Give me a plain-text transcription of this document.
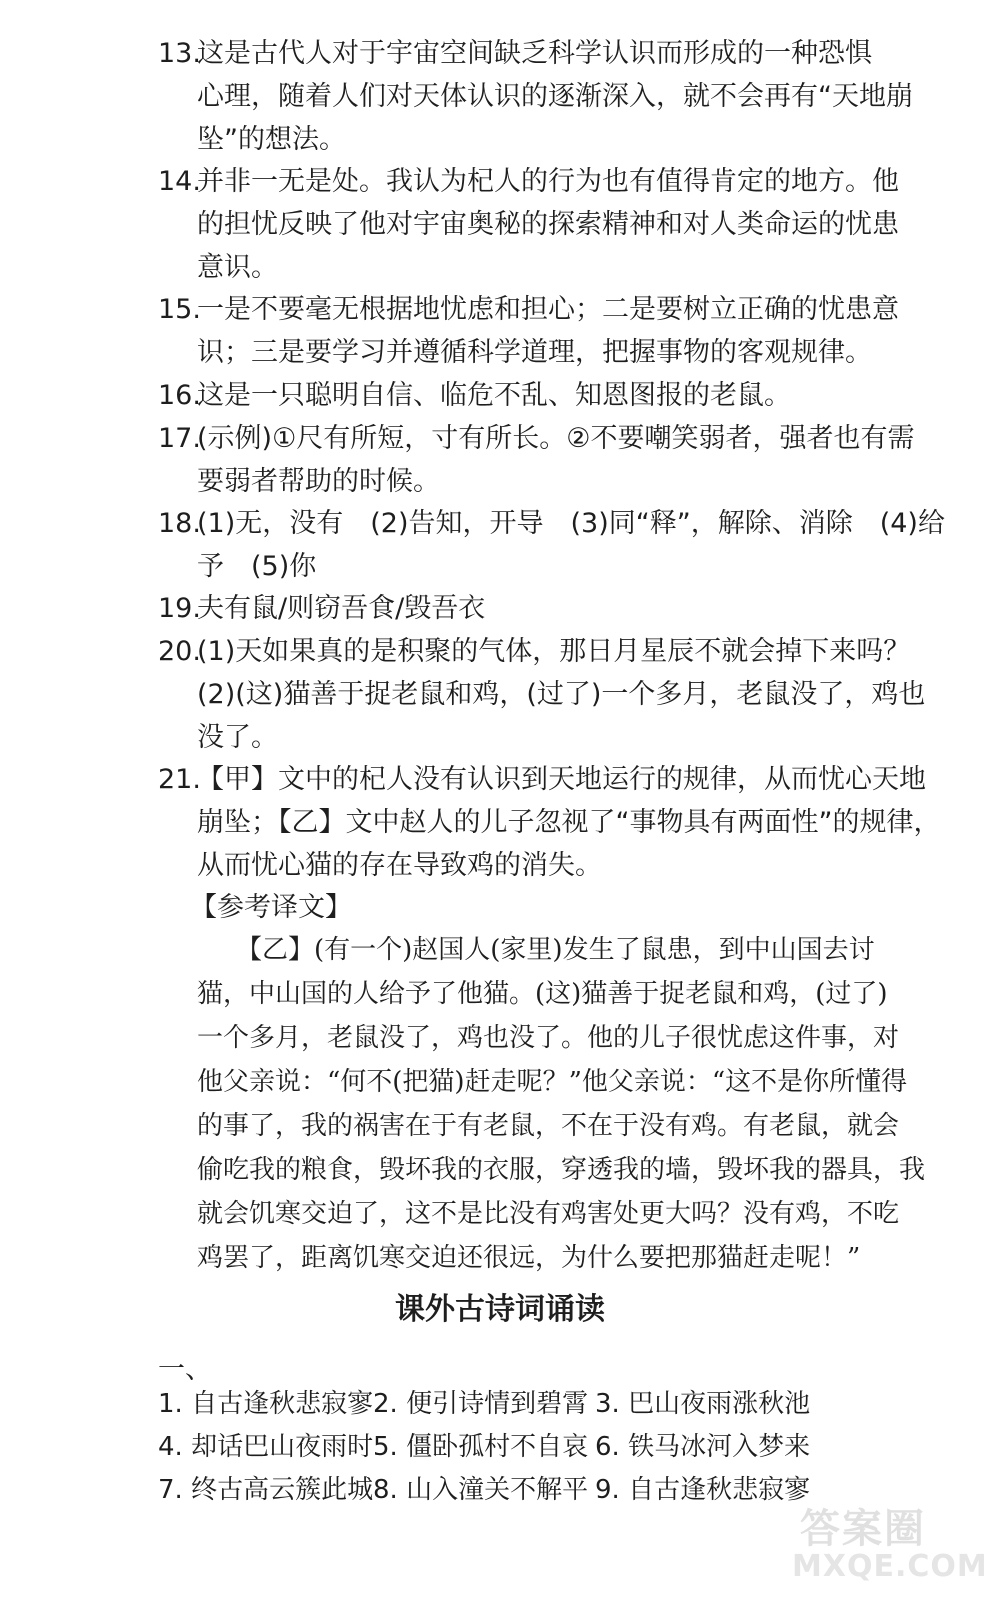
13.

这是古代人对于宇宙空间缺乏科学认识而形成的一种恐惧

心理，随着人们对天体认识的逐渐深入，就不会再有“天地崩

坠”的想法。

14.

并非一无是处。我认为杞人的行为也有值得肯定的地方。他

的担忧反映了他对宇宙奥秘的探索精神和对人类命运的忧患

意识。

15.

一是不要毫无根据地忧虑和担心；二是要树立正确的忧患意

识；三是要学习并遵循科学道理，把握事物的客观规律。

16.

这是一只聪明自信、临危不乱、知恩图报的老鼠。

17.

(示例)①尺有所短，寸有所长。②不要嘲笑弱者，强者也有需

要弱者帮助的时候。

18.

(1)无，没有　(2)告知，开导　(3)同“释”，解除、消除　(4)给

予　(5)你

19.

夫有鼠/则窃吾食/毁吾衣

20.

(1)天如果真的是积聚的气体，那日月星辰不就会掉下来吗？

(2)(这)猫善于捉老鼠和鸡，(过了)一个多月，老鼠没了，鸡也

没了。

21.

【甲】文中的杞人没有认识到天地运行的规律，从而忧心天地

崩坠；【乙】文中赵人的儿子忽视了“事物具有两面性”的规律，

从而忧心猫的存在导致鸡的消失。

【参考译文】

　　【乙】(有一个)赵国人(家里)发生了鼠患，到中山国去讨

猫，中山国的人给予了他猫。(这)猫善于捉老鼠和鸡，(过了)

一个多月，老鼠没了，鸡也没了。他的儿子很忧虑这件事，对

他父亲说：“何不(把猫)赶走呢？”他父亲说：“这不是你所懂得

的事了，我的祸害在于有老鼠，不在于没有鸡。有老鼠，就会

偷吃我的粮食，毁坏我的衣服，穿透我的墙，毁坏我的器具，我

就会饥寒交迫了，这不是比没有鸡害处更大吗？没有鸡，不吃

鸡罢了，距离饥寒交迫还很远，为什么要把那猫赶走呢！”

课外古诗词诵读
一、
1. 自古逢秋悲寂寥2. 便引诗情到碧霄 3. 巴山夜雨涨秋池
4. 却话巴山夜雨时5. 僵卧孤村不自哀 6. 铁马冰河入梦来
7. 终古高云簇此城8. 山入潼关不解平 9. 自古逢秋悲寂寥
答案圈
MXQE.COM
